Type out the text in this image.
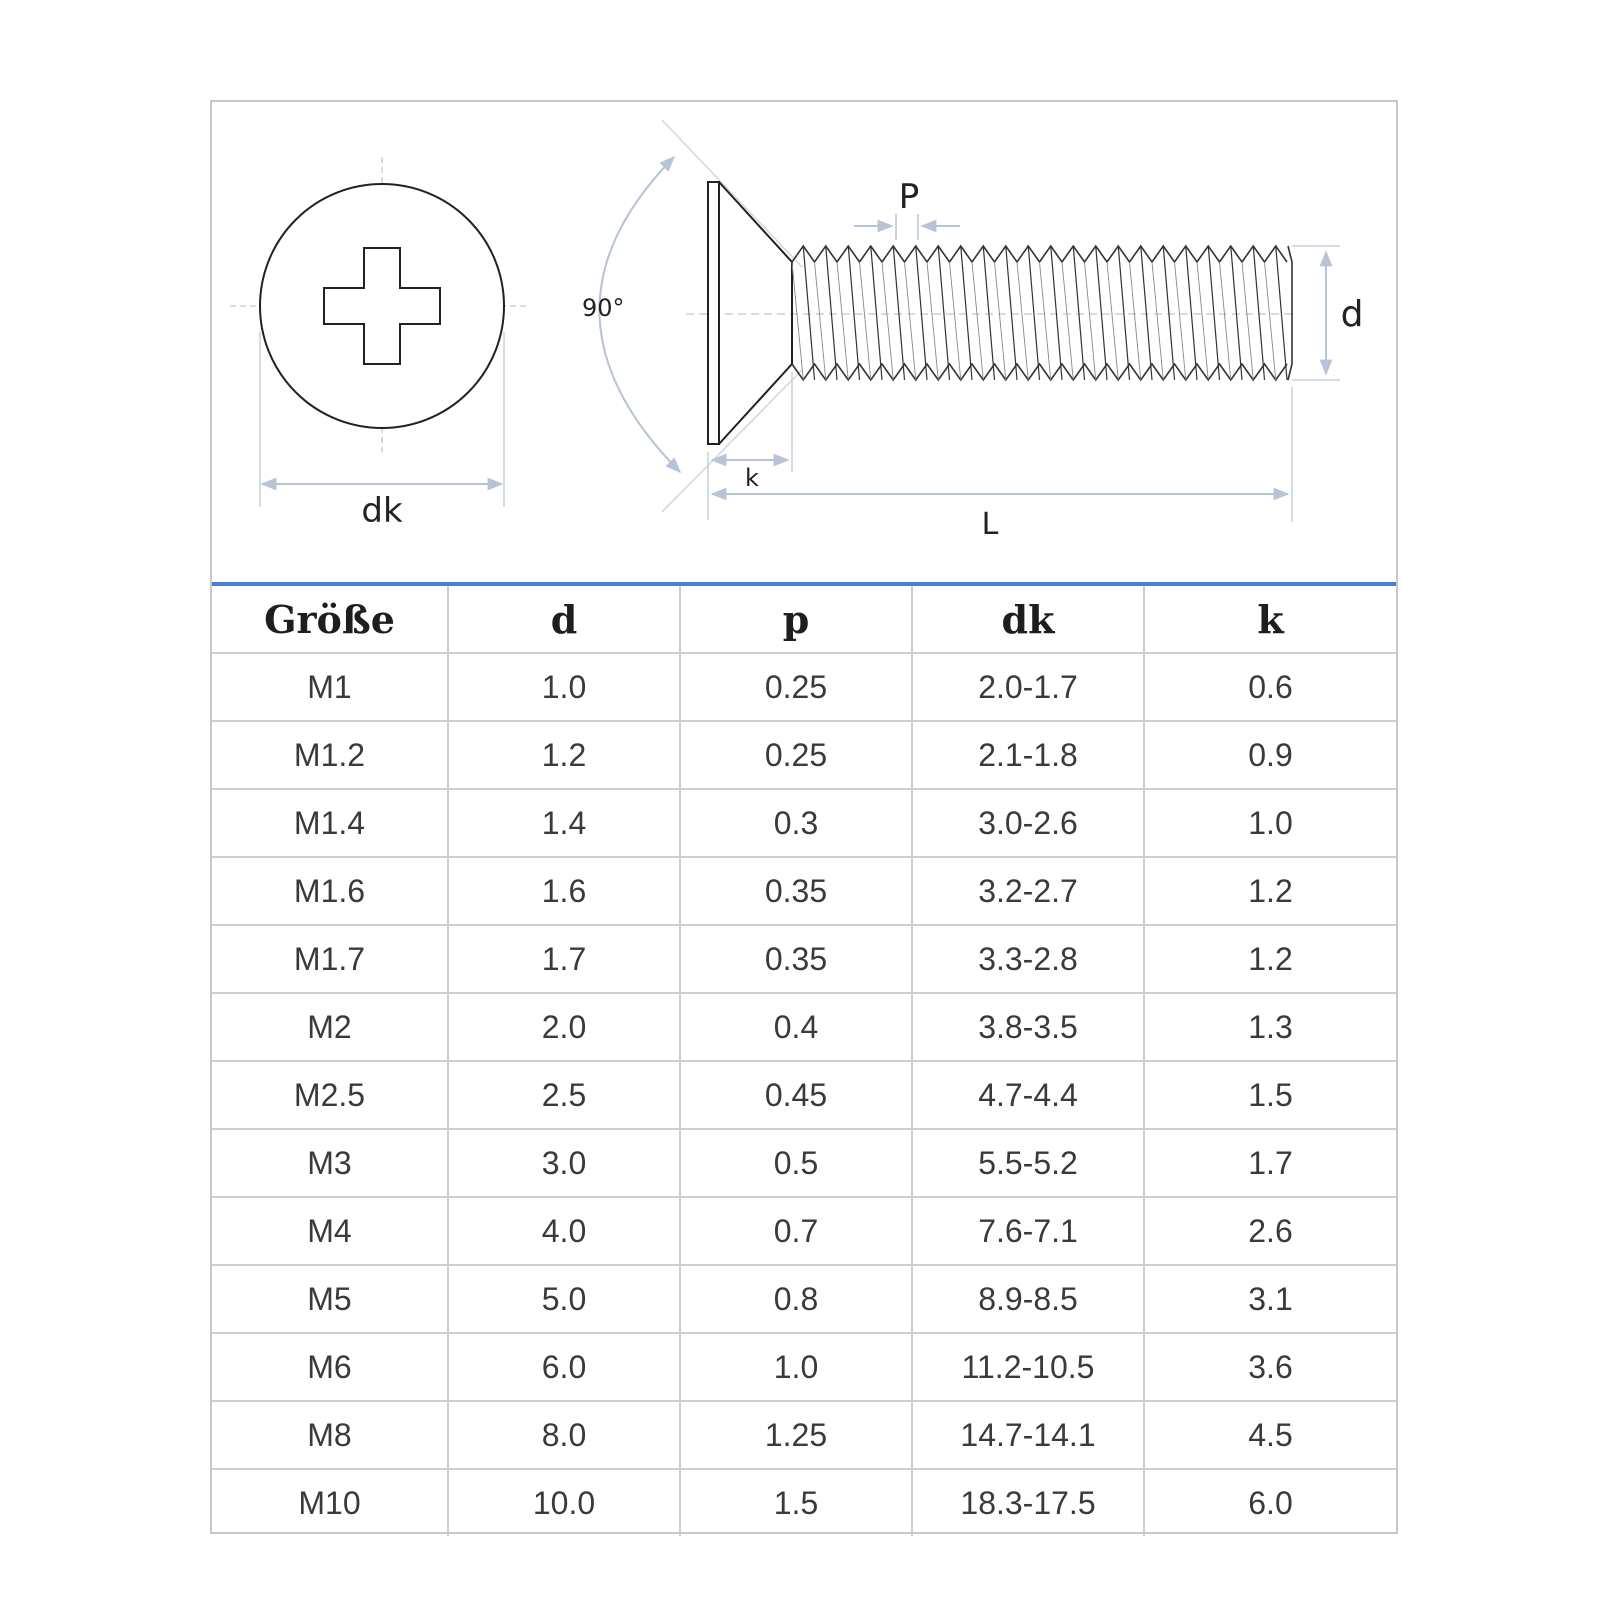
dk
90°
P
d
k
L
Größe	d	p	dk	k
M1	1.0	0.25	2.0-1.7	0.6
M1.2	1.2	0.25	2.1-1.8	0.9
M1.4	1.4	0.3	3.0-2.6	1.0
M1.6	1.6	0.35	3.2-2.7	1.2
M1.7	1.7	0.35	3.3-2.8	1.2
M2	2.0	0.4	3.8-3.5	1.3
M2.5	2.5	0.45	4.7-4.4	1.5
M3	3.0	0.5	5.5-5.2	1.7
M4	4.0	0.7	7.6-7.1	2.6
M5	5.0	0.8	8.9-8.5	3.1
M6	6.0	1.0	11.2-10.5	3.6
M8	8.0	1.25	14.7-14.1	4.5
M10	10.0	1.5	18.3-17.5	6.0
